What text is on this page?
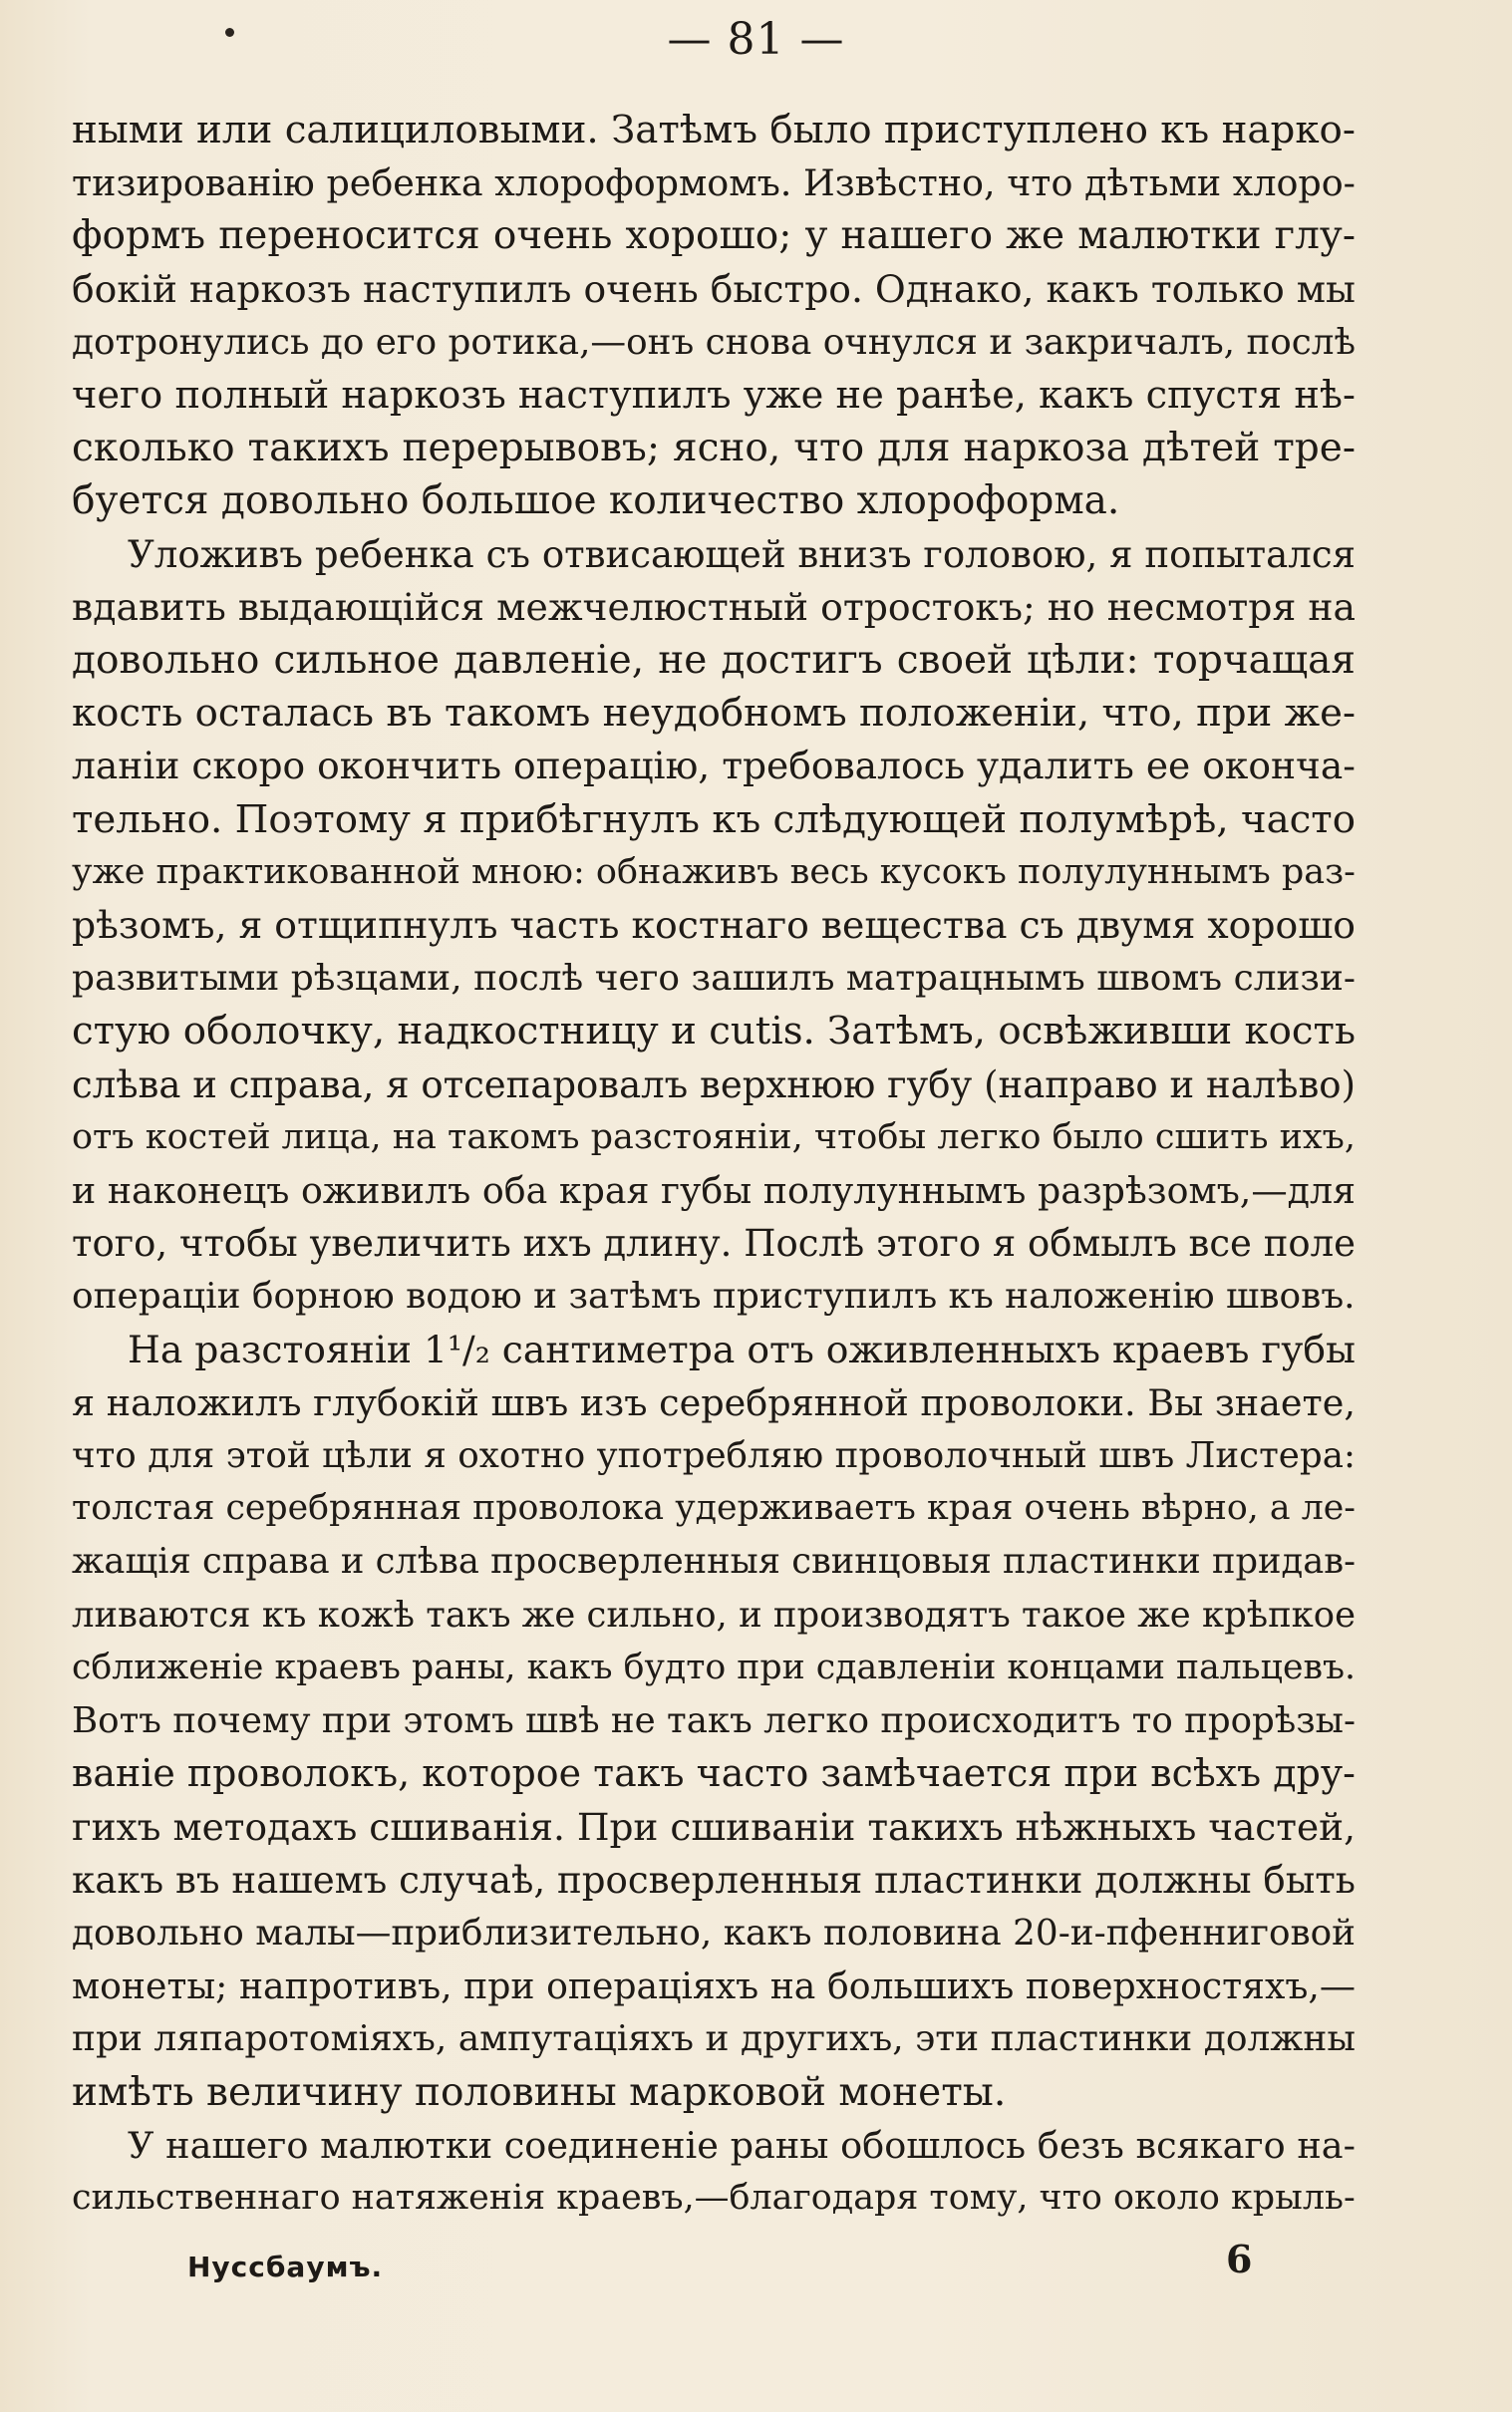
— 81 —
ными или салициловыми. Затѣмъ было приступлено къ нарко-
тизированiю ребенка хлороформомъ. Извѣстно, что дѣтьми хлоро-
формъ переносится очень хорошо; у нашего же малютки глу-
бокiй наркозъ наступилъ очень быстро. Однако, какъ только мы
дотронулись до его ротика,—онъ снова очнулся и закричалъ, послѣ
чего полный наркозъ наступилъ уже не ранѣе, какъ спустя нѣ-
сколько такихъ перерывовъ; ясно, что для наркоза дѣтей тре-
буется довольно большое количество хлороформа.
Уложивъ ребенка съ отвисающей внизъ головою, я попытался
вдавить выдающiйся межчелюстный отростокъ; но несмотря на
довольно сильное давленiе, не достигъ своей цѣли: торчащая
кость осталась въ такомъ неудобномъ положенiи, что, при же-
ланiи скоро окончить операцiю, требовалось удалить ее оконча-
тельно. Поэтому я прибѣгнулъ къ слѣдующей полумѣрѣ, часто
уже практикованной мною: обнаживъ весь кусокъ полулуннымъ раз-
рѣзомъ, я отщипнулъ часть костнаго вещества съ двумя хорошо
развитыми рѣзцами, послѣ чего зашилъ матрацнымъ швомъ слизи-
стую оболочку, надкостницу и cutis. Затѣмъ, освѣживши кость
слѣва и справа, я отсепаровалъ верхнюю губу (направо и налѣво)
отъ костей лица, на такомъ разстоянiи, чтобы легко было сшить ихъ,
и наконецъ оживилъ оба края губы полулуннымъ разрѣзомъ,—для
того, чтобы увеличить ихъ длину. Послѣ этого я обмылъ все поле
операцiи борною водою и затѣмъ приступилъ къ наложенiю швовъ.
На разстоянiи 1¹/₂ сантиметра отъ оживленныхъ краевъ губы
я наложилъ глубокiй швъ изъ серебрянной проволоки. Вы знаете,
что для этой цѣли я охотно употребляю проволочный швъ Листера:
толстая серебрянная проволока удерживаетъ края очень вѣрно, а ле-
жащiя справа и слѣва просверленныя свинцовыя пластинки придав-
ливаются къ кожѣ такъ же сильно, и производятъ такое же крѣпкое
сближенiе краевъ раны, какъ будто при сдавленiи концами пальцевъ.
Вотъ почему при этомъ швѣ не такъ легко происходитъ то прорѣзы-
ванiе проволокъ, которое такъ часто замѣчается при всѣхъ дру-
гихъ методахъ сшиванiя. При сшиванiи такихъ нѣжныхъ частей,
какъ въ нашемъ случаѣ, просверленныя пластинки должны быть
довольно малы—приблизительно, какъ половина 20-и-пфенниговой
монеты; напротивъ, при операцiяхъ на большихъ поверхностяхъ,—
при ляпаротомiяхъ, ампутацiяхъ и другихъ, эти пластинки должны
имѣть величину половины марковой монеты.
У нашего малютки соединенiе раны обошлось безъ всякаго на-
сильственнаго натяженiя краевъ,—благодаря тому, что около крыль-
Нуссбаумъ.	6
